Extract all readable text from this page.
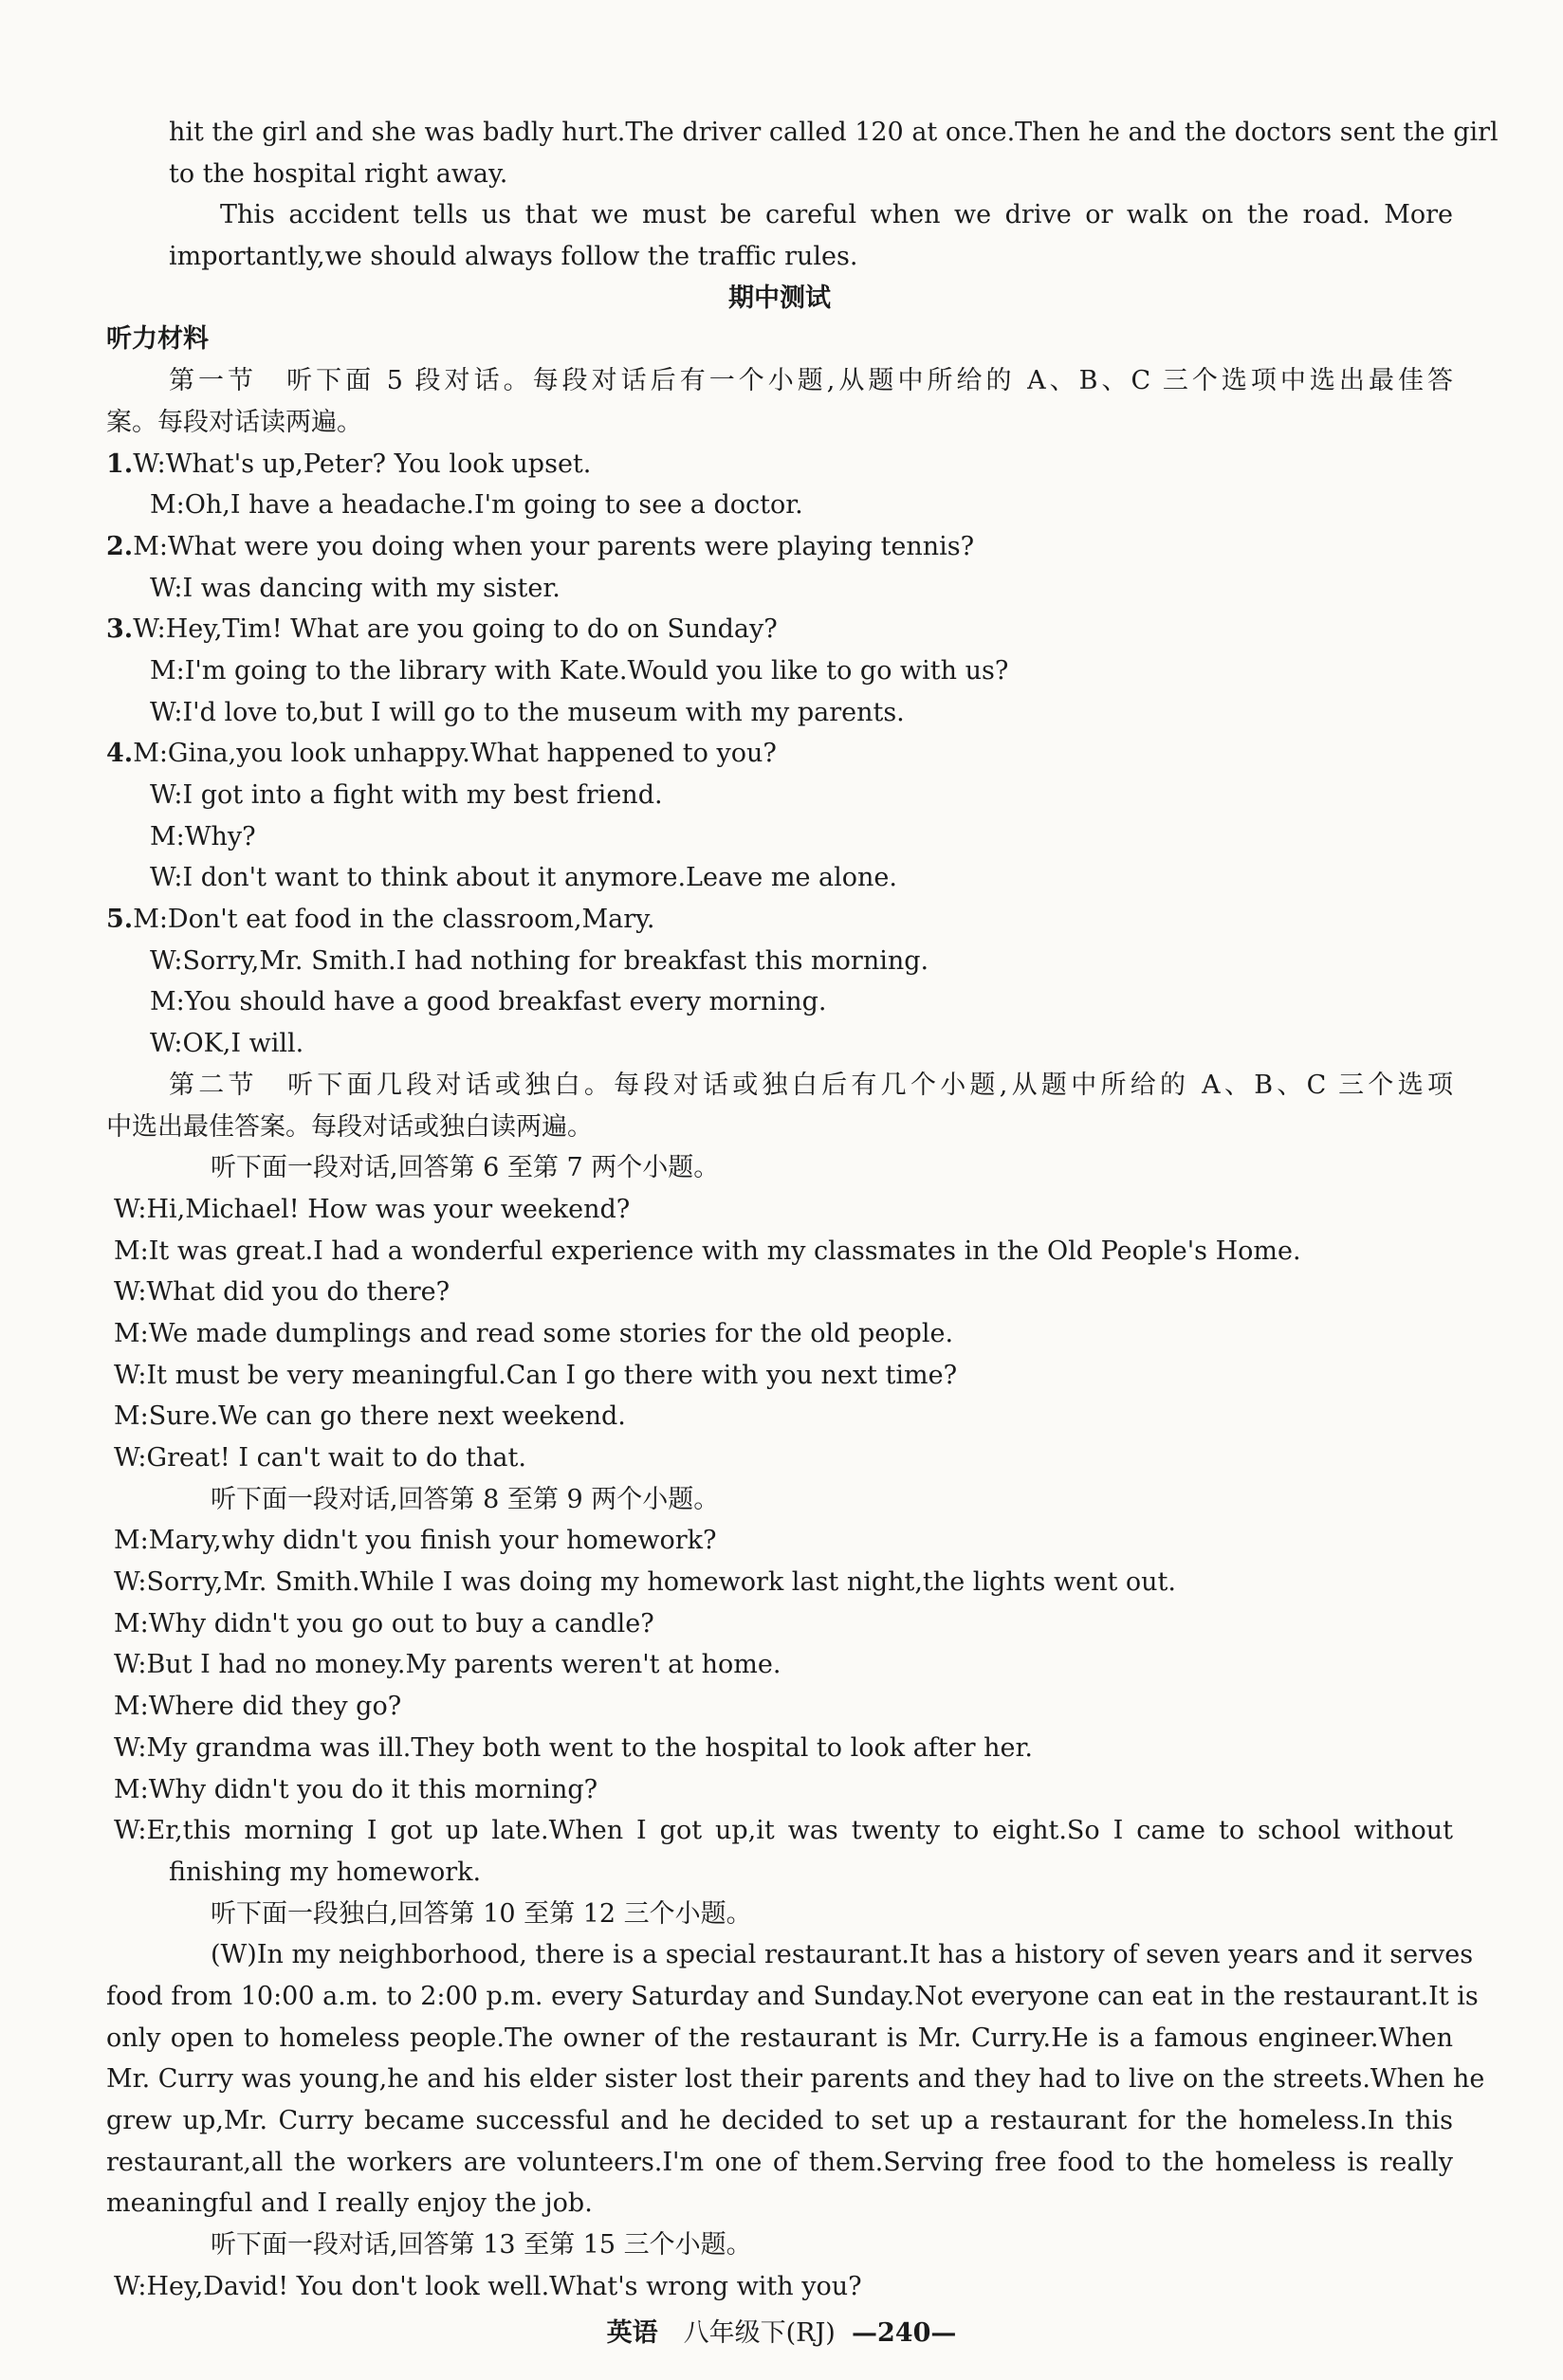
hit the girl and she was badly hurt.The driver called 120 at once.Then he and the doctors sent the girl
to the hospital right away.
This accident tells us that we must be careful when we drive or walk on the road. More
importantly,we should always follow the traffic rules.
期中测试
听力材料
第一节　听下面 5 段对话。每段对话后有一个小题,从题中所给的 A、B、C 三个选项中选出最佳答
案。每段对话读两遍。
1.W:What's up,Peter? You look upset.
M:Oh,I have a headache.I'm going to see a doctor.
2.M:What were you doing when your parents were playing tennis?
W:I was dancing with my sister.
3.W:Hey,Tim! What are you going to do on Sunday?
M:I'm going to the library with Kate.Would you like to go with us?
W:I'd love to,but I will go to the museum with my parents.
4.M:Gina,you look unhappy.What happened to you?
W:I got into a fight with my best friend.
M:Why?
W:I don't want to think about it anymore.Leave me alone.
5.M:Don't eat food in the classroom,Mary.
W:Sorry,Mr. Smith.I had nothing for breakfast this morning.
M:You should have a good breakfast every morning.
W:OK,I will.
第二节　听下面几段对话或独白。每段对话或独白后有几个小题,从题中所给的 A、B、C 三个选项
中选出最佳答案。每段对话或独白读两遍。
听下面一段对话,回答第 6 至第 7 两个小题。
W:Hi,Michael! How was your weekend?
M:It was great.I had a wonderful experience with my classmates in the Old People's Home.
W:What did you do there?
M:We made dumplings and read some stories for the old people.
W:It must be very meaningful.Can I go there with you next time?
M:Sure.We can go there next weekend.
W:Great! I can't wait to do that.
听下面一段对话,回答第 8 至第 9 两个小题。
M:Mary,why didn't you finish your homework?
W:Sorry,Mr. Smith.While I was doing my homework last night,the lights went out.
M:Why didn't you go out to buy a candle?
W:But I had no money.My parents weren't at home.
M:Where did they go?
W:My grandma was ill.They both went to the hospital to look after her.
M:Why didn't you do it this morning?
W:Er,this morning I got up late.When I got up,it was twenty to eight.So I came to school without
finishing my homework.
听下面一段独白,回答第 10 至第 12 三个小题。
(W)In my neighborhood, there is a special restaurant.It has a history of seven years and it serves
food from 10:00 a.m. to 2:00 p.m. every Saturday and Sunday.Not everyone can eat in the restaurant.It is
only open to homeless people.The owner of the restaurant is Mr. Curry.He is a famous engineer.When
Mr. Curry was young,he and his elder sister lost their parents and they had to live on the streets.When he
grew up,Mr. Curry became successful and he decided to set up a restaurant for the homeless.In this
restaurant,all the workers are volunteers.I'm one of them.Serving free food to the homeless is really
meaningful and I really enjoy the job.
听下面一段对话,回答第 13 至第 15 三个小题。
W:Hey,David! You don't look well.What's wrong with you?
英语　 八年级下(RJ) —240—
